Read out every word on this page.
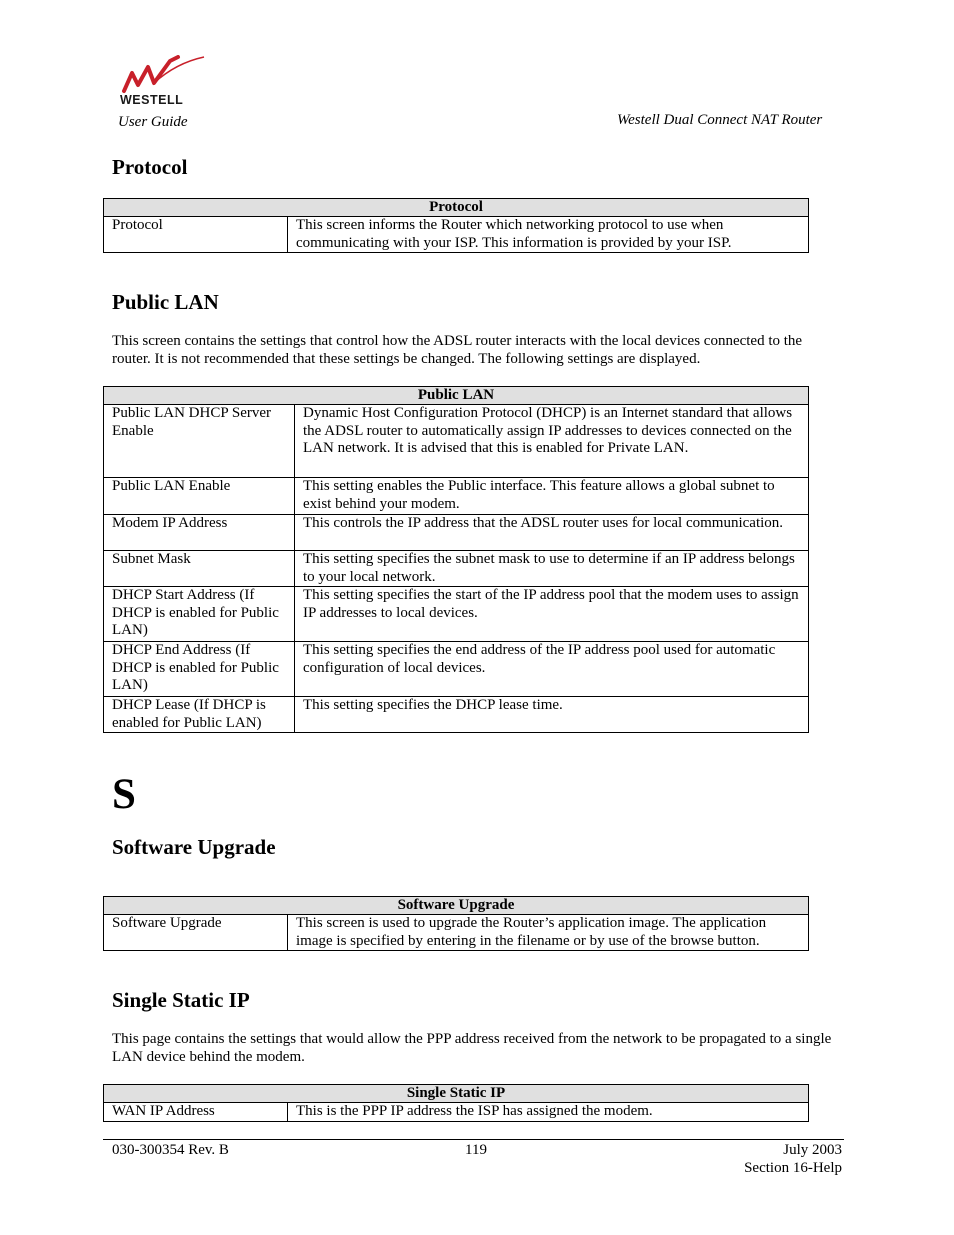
WESTELL
User Guide	Westell Dual Connect NAT Router
Protocol
Protocol
Protocol	This screen informs the Router which networking protocol to use when communicating with your ISP. This information is provided by your ISP.
Public LAN
This screen contains the settings that control how the ADSL router interacts with the local devices connected to the router. It is not recommended that these settings be changed. The following settings are displayed.
Public LAN	
Public LAN DHCP Server Enable	Dynamic Host Configuration Protocol (DHCP) is an Internet standard that allows the ADSL router to automatically assign IP addresses to devices connected on the LAN network. It is advised that this is enabled for Private LAN.
Public LAN Enable	This setting enables the Public interface. This feature allows a global subnet to exist behind your modem.
Modem IP Address	This controls the IP address that the ADSL router uses for local communication.
Subnet Mask	This setting specifies the subnet mask to use to determine if an IP address belongs to your local network.
DHCP Start Address (If DHCP is enabled for Public LAN)	This setting specifies the start of the IP address pool that the modem uses to assign IP addresses to local devices.
DHCP End Address (If DHCP is enabled for Public LAN)	This setting specifies the end address of the IP address pool used for automatic configuration of local devices.
DHCP Lease (If DHCP is enabled for Public LAN)	This setting specifies the DHCP lease time.
S
Software Upgrade
Software Upgrade
Software Upgrade	This screen is used to upgrade the Router’s application image. The application image is specified by entering in the filename or by use of the browse button.
Single Static IP
This page contains the settings that would allow the PPP address received from the network to be propagated to a single LAN device behind the modem.
Single Static IP
WAN IP Address	This is the PPP IP address the ISP has assigned the modem.
030-300354 Rev. B	119	July 2003
Section 16-Help
